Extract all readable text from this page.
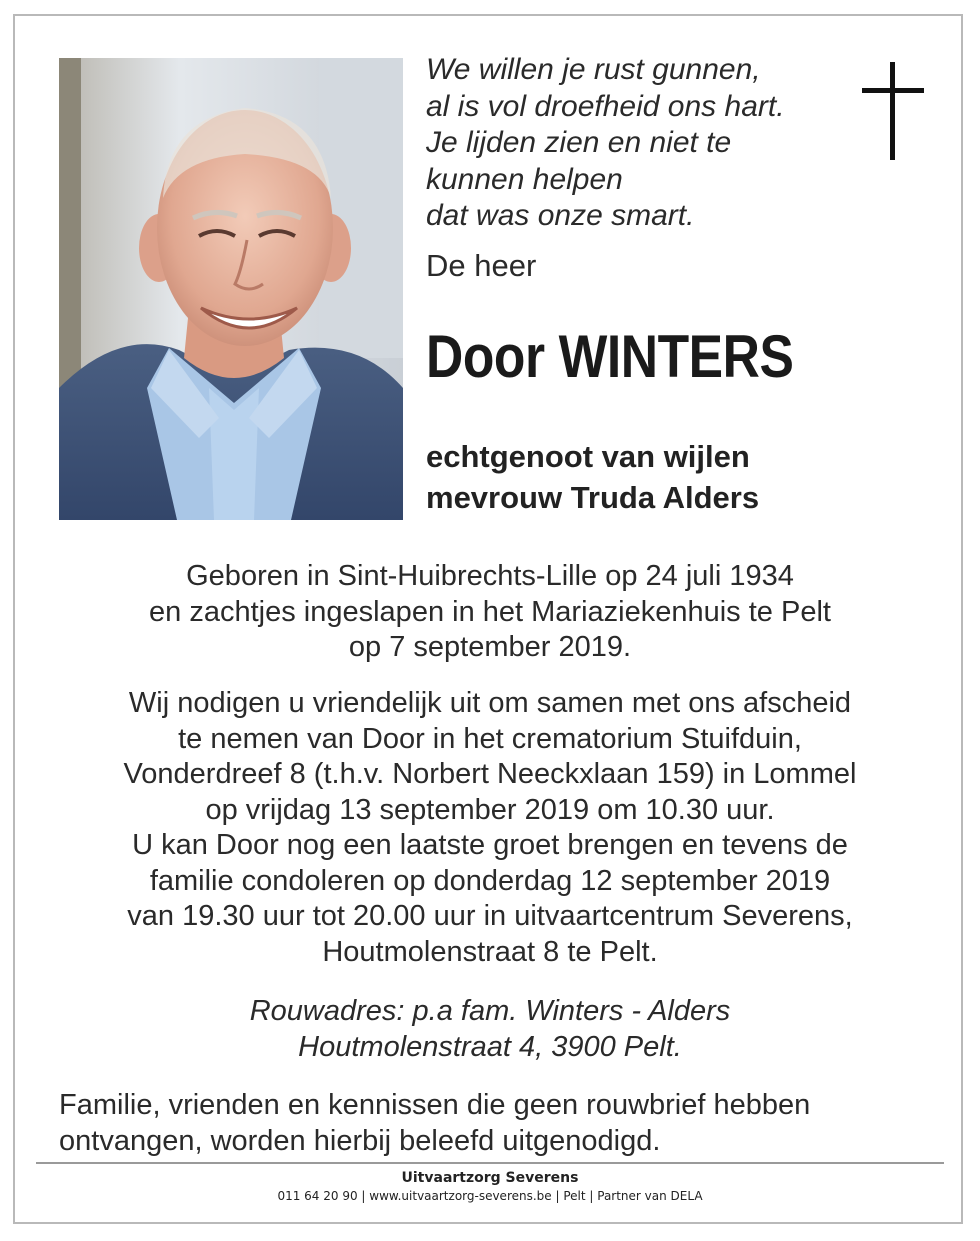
We willen je rust gunnen,
al is vol droefheid ons hart.
Je lijden zien en niet te
kunnen helpen
dat was onze smart.
De heer
Door WINTERS
echtgenoot van wijlen
mevrouw Truda Alders
Geboren in Sint-Huibrechts-Lille op 24 juli 1934
en zachtjes ingeslapen in het Mariaziekenhuis te Pelt
op 7 september 2019.
Wij nodigen u vriendelijk uit om samen met ons afscheid
te nemen van Door in het crematorium Stuifduin,
Vonderdreef 8 (t.h.v. Norbert Neeckxlaan 159) in Lommel
op vrijdag 13 september 2019 om 10.30 uur.
U kan Door nog een laatste groet brengen en tevens de
familie condoleren op donderdag 12 september 2019
van 19.30 uur tot 20.00 uur in uitvaartcentrum Severens,
Houtmolenstraat 8 te Pelt.
Rouwadres: p.a fam. Winters - Alders
Houtmolenstraat 4, 3900 Pelt.
Familie, vrienden en kennissen die geen rouwbrief hebben
ontvangen, worden hierbij beleefd uitgenodigd.
Uitvaartzorg Severens
011 64 20 90 | www.uitvaartzorg-severens.be | Pelt | Partner van DELA
